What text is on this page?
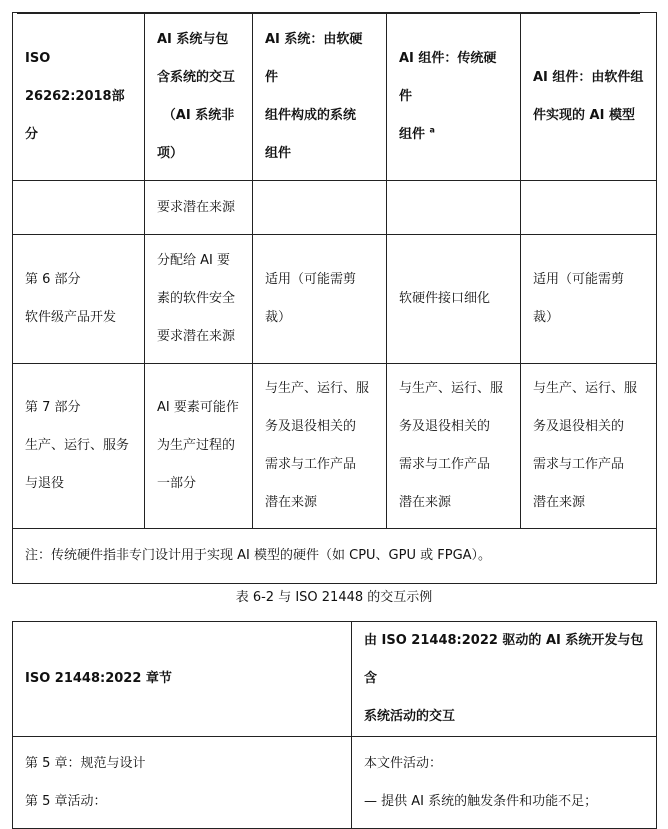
ISO 26262:2018部分	AI 系统与包
含系统的交互
（AI 系统非
项）	AI 系统：由软硬件
组件构成的系统
组件	AI 组件：传统硬件
组件 $^a$	AI 组件：由软件组
件实现的 AI 模型

	要求潜在来源			

第 6 部分
软件级产品开发	分配给 AI 要
素的软件安全
要求潜在来源	适用（可能需剪
裁）	软硬件接口细化	适用（可能需剪
裁）

第 7 部分
生产、运行、服务
与退役	AI 要素可能作
为生产过程的
一部分	与生产、运行、服
务及退役相关的
需求与工作产品
潜在来源	与生产、运行、服
务及退役相关的
需求与工作产品
潜在来源	与生产、运行、服
务及退役相关的
需求与工作产品
潜在来源

注：传统硬件指非专门设计用于实现 AI 模型的硬件（如 CPU、GPU 或 FPGA）。				
表 6-2 与 ISO 21448 的交互示例
ISO 21448:2022 章节	由 ISO 21448:2022 驱动的 AI 系统开发与包含
系统活动的交互

第 5 章：规范与设计
第 5 章活动：	本文件活动：
— 提供 AI 系统的触发条件和功能不足；
